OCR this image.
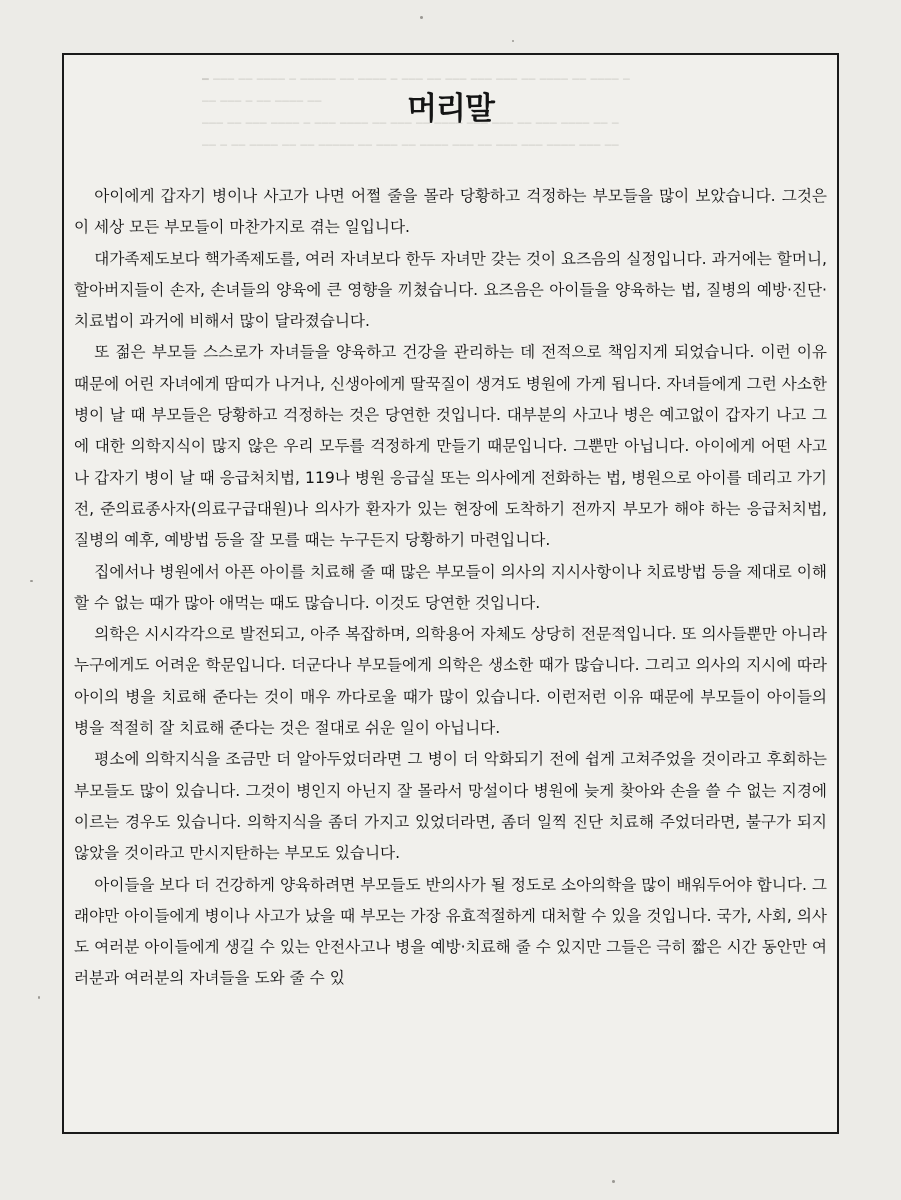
━ ─── ── ──── ─ ───── ── ──── ─ ─── ── ─── ─── ─── ── ──── ── ──── ─
── ─── ─ ── ──── ──
─── ── ─── ──── ─ ─── ──── ── ─── ── ──── ─── ─── ── ─── ──── ── ─
── ─ ── ──── ── ── ───── ── ─── ── ──── ─── ── ─── ─── ──── ─── ──
머리말

아이에게 갑자기 병이나 사고가 나면 어쩔 줄을 몰라 당황하고 걱정하는 부모들을 많이 보았습니다. 그것은 이 세상 모든 부모들이 마찬가지로 겪는 일입니다.

대가족제도보다 핵가족제도를, 여러 자녀보다 한두 자녀만 갖는 것이 요즈음의 실정입니다. 과거에는 할머니, 할아버지들이 손자, 손녀들의 양육에 큰 영향을 끼쳤습니다. 요즈음은 아이들을 양육하는 법, 질병의 예방·진단·치료법이 과거에 비해서 많이 달라졌습니다.

또 젊은 부모들 스스로가 자녀들을 양육하고 건강을 관리하는 데 전적으로 책임지게 되었습니다. 이런 이유 때문에 어린 자녀에게 땀띠가 나거나, 신생아에게 딸꾹질이 생겨도 병원에 가게 됩니다. 자녀들에게 그런 사소한 병이 날 때 부모들은 당황하고 걱정하는 것은 당연한 것입니다. 대부분의 사고나 병은 예고없이 갑자기 나고 그에 대한 의학지식이 많지 않은 우리 모두를 걱정하게 만들기 때문입니다. 그뿐만 아닙니다. 아이에게 어떤 사고나 갑자기 병이 날 때 응급처치법, 119나 병원 응급실 또는 의사에게 전화하는 법, 병원으로 아이를 데리고 가기 전, 준의료종사자(의료구급대원)나 의사가 환자가 있는 현장에 도착하기 전까지 부모가 해야 하는 응급처치법, 질병의 예후, 예방법 등을 잘 모를 때는 누구든지 당황하기 마련입니다.

집에서나 병원에서 아픈 아이를 치료해 줄 때 많은 부모들이 의사의 지시사항이나 치료방법 등을 제대로 이해할 수 없는 때가 많아 애먹는 때도 많습니다. 이것도 당연한 것입니다.

의학은 시시각각으로 발전되고, 아주 복잡하며, 의학용어 자체도 상당히 전문적입니다. 또 의사들뿐만 아니라 누구에게도 어려운 학문입니다. 더군다나 부모들에게 의학은 생소한 때가 많습니다. 그리고 의사의 지시에 따라 아이의 병을 치료해 준다는 것이 매우 까다로울 때가 많이 있습니다. 이런저런 이유 때문에 부모들이 아이들의 병을 적절히 잘 치료해 준다는 것은 절대로 쉬운 일이 아닙니다.

평소에 의학지식을 조금만 더 알아두었더라면 그 병이 더 악화되기 전에 쉽게 고쳐주었을 것이라고 후회하는 부모들도 많이 있습니다. 그것이 병인지 아닌지 잘 몰라서 망설이다 병원에 늦게 찾아와 손을 쓸 수 없는 지경에 이르는 경우도 있습니다. 의학지식을 좀더 가지고 있었더라면, 좀더 일찍 진단 치료해 주었더라면, 불구가 되지 않았을 것이라고 만시지탄하는 부모도 있습니다.

아이들을 보다 더 건강하게 양육하려면 부모들도 반의사가 될 정도로 소아의학을 많이 배워두어야 합니다. 그래야만 아이들에게 병이나 사고가 났을 때 부모는 가장 유효적절하게 대처할 수 있을 것입니다. 국가, 사회, 의사도 여러분 아이들에게 생길 수 있는 안전사고나 병을 예방·치료해 줄 수 있지만 그들은 극히 짧은 시간 동안만 여러분과 여러분의 자녀들을 도와 줄 수 있
